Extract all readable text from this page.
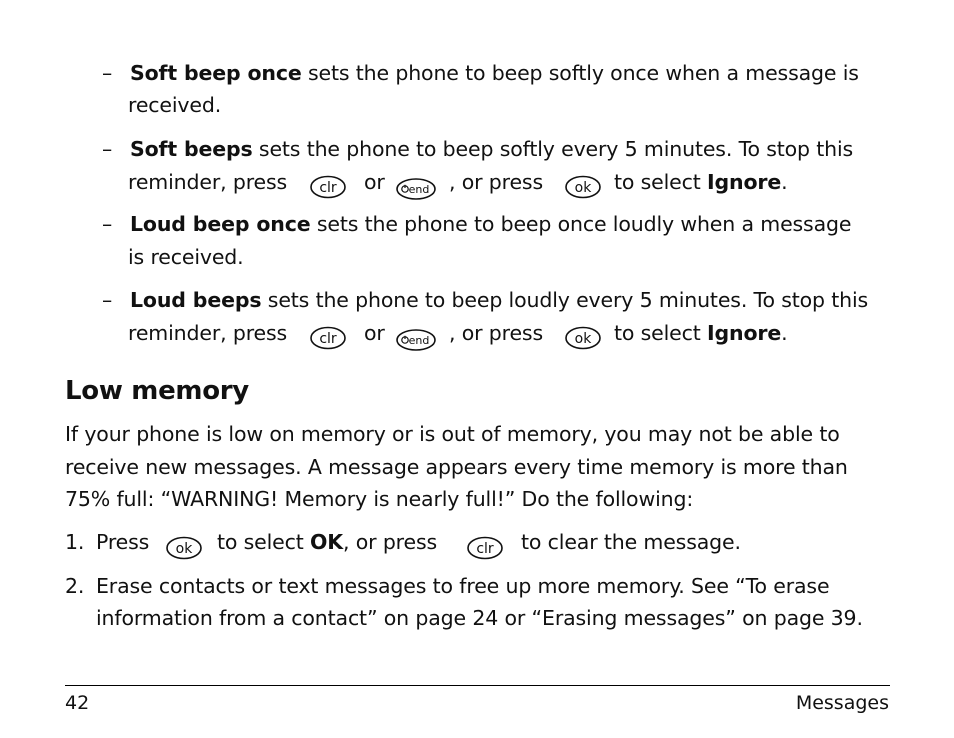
– Soft beep once sets the phone to beep softly once when a message is
received.
– Soft beeps sets the phone to beep softly every 5 minutes. To stop this
reminder, press clr or end , or press ok to select Ignore.
– Loud beep once sets the phone to beep once loudly when a message
is received.
– Loud beeps sets the phone to beep loudly every 5 minutes. To stop this
reminder, press clr or end , or press ok to select Ignore.
Low memory
If your phone is low on memory or is out of memory, you may not be able to
receive new messages. A message appears every time memory is more than
75% full: “WARNING! Memory is nearly full!” Do the following:
1. Press ok to select OK, or press	clr to clear the message.
2. Erase contacts or text messages to free up more memory. See “To erase
information from a contact” on page 24 or “Erasing messages” on page 39.
42	Messages
